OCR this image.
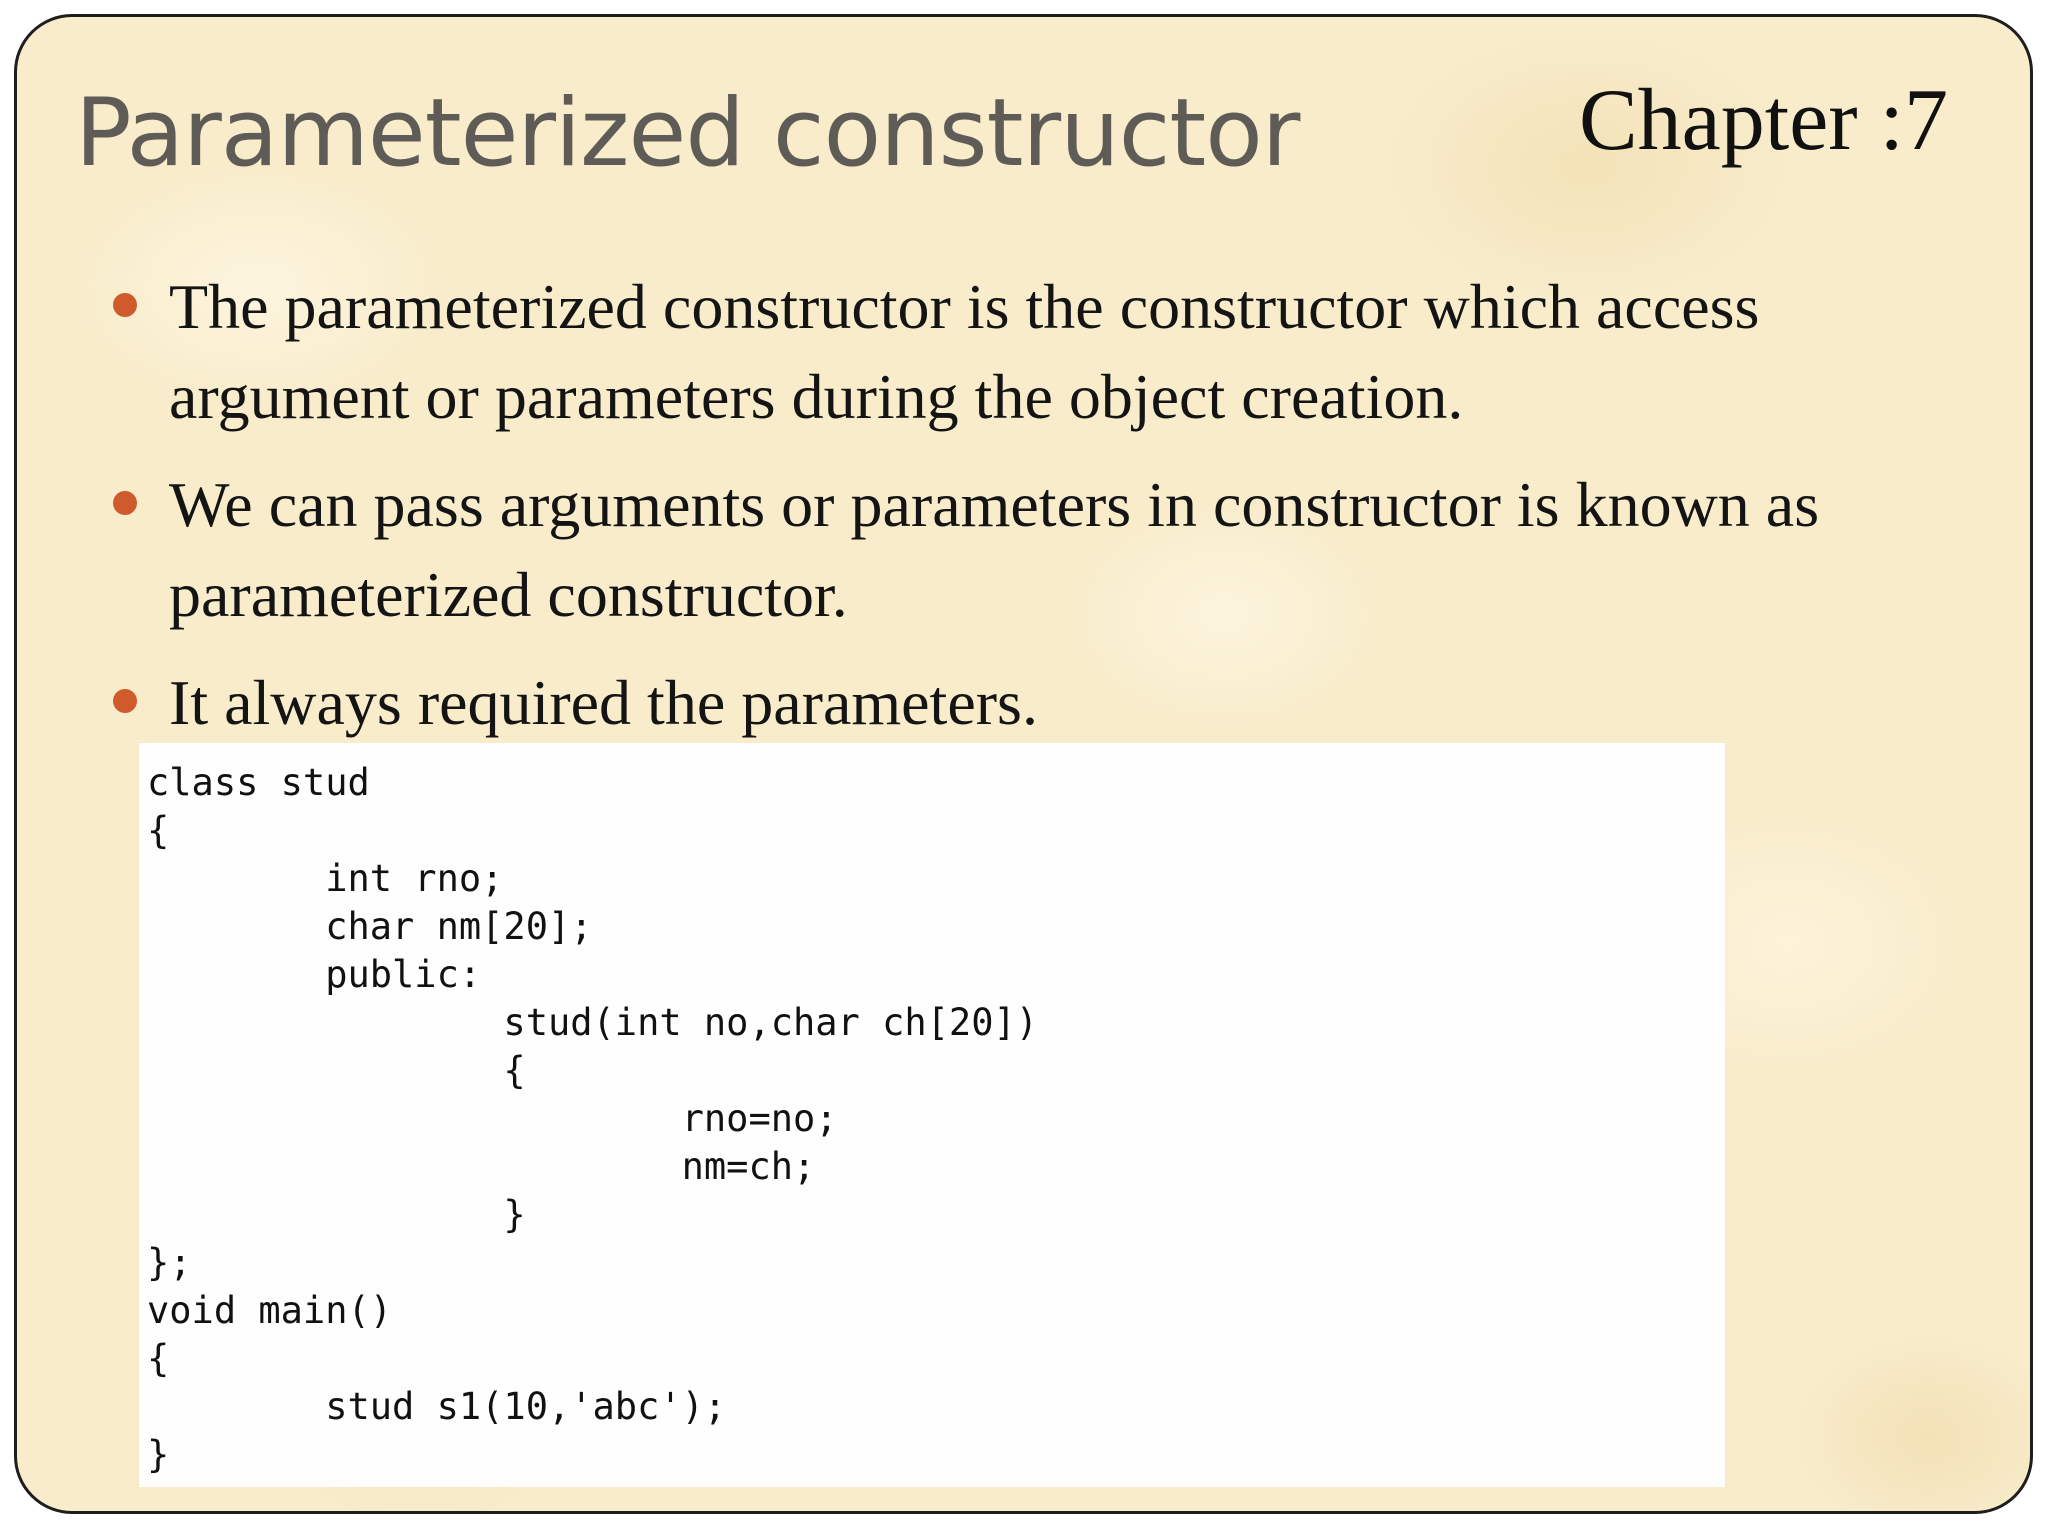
Parameterized constructor	Chapter :7
The parameterized constructor is the constructor which access argument or parameters during the object creation.
We can pass arguments or parameters in constructor is known as parameterized constructor.
It always required the parameters.
class stud
{
int rno;
char nm[20];
public:
stud(int no,char ch[20])
{
rno=no;
nm=ch;
}
};
void main()
{
stud s1(10,'abc');
}
